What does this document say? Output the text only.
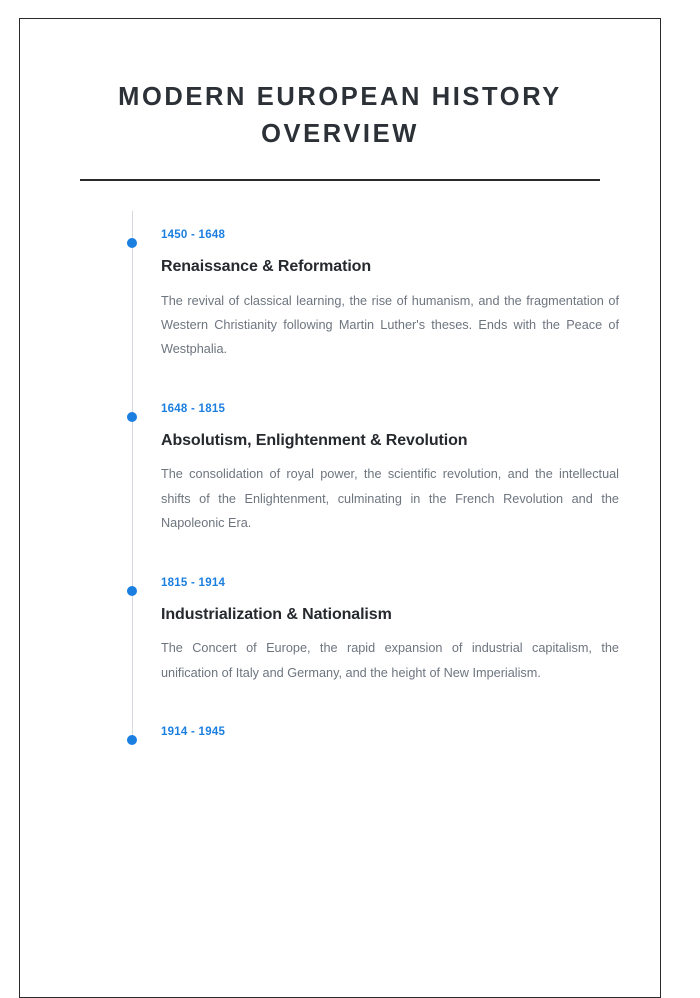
MODERN EUROPEAN HISTORY OVERVIEW

1450 - 1648

Renaissance & Reformation

The revival of classical learning, the rise of humanism, and the fragmentation of Western Christianity following Martin Luther's theses. Ends with the Peace of Westphalia.

1648 - 1815

Absolutism, Enlightenment & Revolution

The consolidation of royal power, the scientific revolution, and the intellectual shifts of the Enlightenment, culminating in the French Revolution and the Napoleonic Era.

1815 - 1914

Industrialization & Nationalism

The Concert of Europe, the rapid expansion of industrial capitalism, the unification of Italy and Germany, and the height of New Imperialism.

1914 - 1945
